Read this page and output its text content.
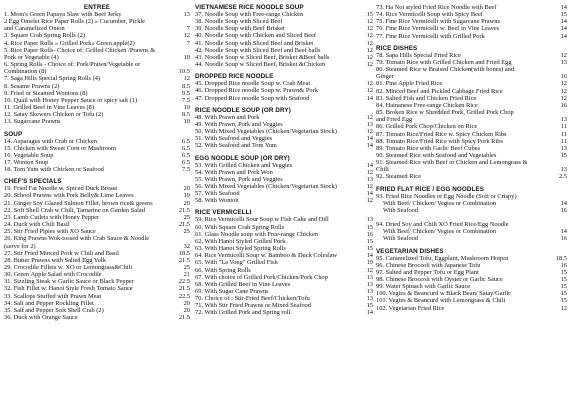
ENTREE
1. Mom's Green Papaya Slaw with Beef Jerky	13
2 Egg Omelet Rice Paper Rolls (2) » Cucumber, Pickle
and Caramelized Onion	7
3. Square Crab Spring Rolls (2)	12
4. Rice Paper Rolls » Grilled Pork» Green apple(2)	7
5. Rice Paper Rolls- Choice of: Grilled Chicken /Prawns &
Pork or Vegetable (4)	10
6. Spring Rolls - Choice of: Pork/Prawn/Vegetable or
Combination (8)	10.5
7. Saga Hills Special Spring Rolls (4)	12
8. Sesame Prawns (2)	8.5
9. Fried or Steamed Wontons (8)	9.5
10. Quail with Honey Pepper Sauce or spicy salt (1)	7.5
11. Grilled Beef in Vine Leaves (8)	10
12. Satay Skewers Chicken or Tofu (2)	8.5
13. Sugarcane Prawns	10
SOUP
14. Asparagus with Crab or Chicken	6.5
15. Chicken with Sweet Corn or Mushroom	6.5
16. Vegetable Soup	6.5
17. Wonton Soup	6.5
18. Tom Yum with Chicken or Seafood	7.5
CHEF'S SPECIALS
19. Fried Fat Noodle w. Spiced Duck Breast	20
20. School Prawns with Pork Belly& Lime Leaves	19
21. Ginger Soy Glazed Salmon Fillet, brown rice& greens	20
22. Soft Shell Crab w Chili, Tamarine on Garden Salad	21.5
23. Lamb Cutlets with Honey Pepper	25
24. Duck with Chili Basil	21.5
25. Stir Fried Pipies with XO Sauce	25
26. King Prawns Wok-tossed with Crab Sauce & Noodle
(serve for 2)	32
27. Stir Fried Minced Pork w Chili and Basil	18.5
28. Butter Prawns with Salted Egg Yolk	21.5
29. Crocodile Fillets w. XO or Lemongrass&Chili	25
30. Green Apple Salad with Crocodile	21
31. Sizzling Steak w Garlic Sauce or Black Pepper	22.5
32. Fish Fillet w. Hanoi Style Fresh Tomato Sauce	21.5
33. Scallops Stuffed with Prawn Meat	22.5
34. Salt and Pepper Rockling Fillet	20
35. Salt and Pepper Soft Shell Crab (2)	20
36. Duck with Orange Sauce	21.5
VIETNAMESE RICE NOODLE SOUP
37. Noodle Soup with Free-range Chicken	15
38. Noodle Soup with Sliced Beef	12
39. Noodle Soup with Beef Brisket	12
40. Noodle Soup with Chicken and Sliced Beef	12
41. Noodle Soup with Sliced Beef and Brisket	12
42. Noodle Soup with Sliced Beef and Beef balls	12
43. Noodle Soup w Sliced Beef, Brisket &Beef balls	12
44. Noodle Soup w Sliced Beef, Brisket &Chicken	12
DROPPED RICE NOODLE
45. Dropped Rice noodle Soup w. Crab Meat	12
46. Dropped Rice noodle Soup w. Prawn& Pork	12
47. Dropped Rice noodle Soup with Seafood	14
RICE NOODLE SOUP (OR DRY)
48. With Prawn and Pork	12
49. With Prawn, Pork and Veggies	13
50. With Mixed Vegetables (Chicken/Vegetarian Stock)	12
51. With Seafood and Veggies	14
52. With Seafood and Tom Yum	14
EGG NOODLE SOUP (OR DRY)
53. With Grilled Chicken and Veggies	14
54. With Prawn and Pork Won	12
55. With Prawn, Pork and Veggies	13
56. With Mixed Vegetables (Chicken/Vegetarian Stock)	12
57. With Seafood	14
58. With Wonton	12
RICE VERMICELLI
59. Rice Vermicelli Sour Soup w Fish Cake and Dill	13
60. With Square Crab Spring Rolls	15
61. Glass Noodle soup with Free-range Chicken	16
62. With Hanoi Styled Grilled Pork	15
63. With Hanoi Styled Spring Rolls	15
64. Rice Vermicelli Soup w. Bamboo & Duck Coleslaw	14
65. With "La Vong" Grilled Fish	19
66. With Spring Rolls	12
67. With choice of Grilled Pork/Chicken/Pork Chop	13
68. With Grilled Beef in Vine Leaves	13
69. With Sugar Cane Prawns	13
70. Choice of : Stir-Fried Beef/Chicken/Tofu	13
71. With Stir Fried Prawns or Mixed Seafood	15
72. With Grilled Pork and Spring roll	14
73. Ha Noi styled Fried Rice Noodle with Beef	14
74. Rice Vermicelli Soup with Spicy Beef	15
75. Fine Rice Vermicelli with Sugarcane Prawns	14
76. Fine Rice Vermicelli w. Beef in Vine Leaves	14
77. Fine Rice Vermicelli with Grilled Pork	14
RICE DISHES
78. Sapa Hills Special Fried Rice	12
79. Tomato Rice with Grilled Chicken and Fried Egg	13
80. Steamed Rice w Braised Chicken(with bones) and
Ginger	16
81. Pine Apple Fried Rice	12
82. Minced Beef and Pickled Cabbage Fried Rice	12
83. Salted Fish and Chicken Fried Rice	12
84. Hainanese Free-range Chicken Rice	16
85. Broken Rice w Shredded Pork, Grilled Pork Chop
and Fried Egg	13
86. Grilled Pork Chop/Chicken on Rice	11
87. Tomato Rice/Fried Rice w. Spicy Chicken Ribs	11
88. Tomato Rice/Fried Rice with Spicy Pork Ribs	11
89. Tomato Rice with Garlic Beef Cubes	13
90. Steamed Rice with Seafood and Vegetables	15
91. Steamed Rice with Beef or Chicken and Lemongrass &
Chili	13
92. Steamed Rice	2.5
FRIED FLAT RICE / EGG NOODLES
93. Fried Rice Noodles or Egg Noodle (Soft or Crispy)
With Beef/ Chicken/ Vegies or Combination	14
With Seafood	16
94. Dried Soy and Chili XO Fried Rice/Egg Noodle
With Beef/ Chicken/ Vegies or Combination	14
With Seafood	16
VEGETARIAN DISHES
95. Caramelized Tofu, Eggplant, Mushroom Hotpot	18.5
96. Chinese Broccoli with Japanese Tofu	16
97. Salted and Pepper Tofu or Egg Plant	15
98. Chinese Broccoli with Oyster or Garlic Sauce	15
99. Water Spinach with Garlic Sauce	15
100. Vegies & Beancurd w Black Bean/ Satay/Garlic	15
101. Vegies & Beancurd with Lemongrass & Chili	15
102. Vegetarian Fried Rice	12
